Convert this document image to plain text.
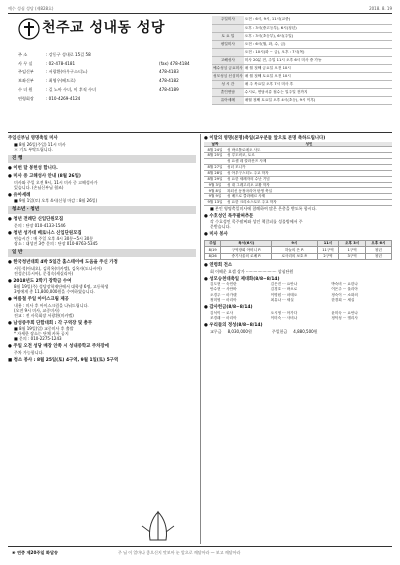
예수 성심 성당 (제828호)	2018. 8. 19
천주교 성내동 성당
주 소	: 강동구 성내로 15길 58
사 무 실	: 02-478-4181	(fax) 478-4184
주임신부	: 서광환(아우구스티노)	478-4183
보좌신부	: 최영우(베드로)	478-4182
수 녀 원	: 길 노아 수녀, 이 후직 수녀	478-4189
연령회장	: 010-4269-4124
주일미사	오전 : 6시, 9시, 11시(교중)
	오후 : 3시(중고등부), 6시(청년)
토 요 일	오후 : 3시(초등부), 6시(주일)
평일미사	오전 : 6시(월, 화, 수, 금)
	오전 : 10시(화 ~ 금), 오후 : 7시(목)
고해성사	미사 20분 전, 주일 11시 오후 6시 미사 중 가능
예수성심 금요미사	매 월 첫째 금요일 오전 10시
성모성심 신심미사	매 월 첫째 토요일 오전 10시
성 시 간	매 주 목요일 오후 7시 미사 후
혼인면담	수시로, 면담서류 접수는 일주일 전까지
유아세례	매월 첫째 토요일 오후 4시(초등), 9시 이후)
주임신부님 영명축일 미사
■ 8월 26일(주일) 11시 미사
＊ 기도 부탁드립니다.
진 행
● 이번 달 봉헌성 합니다.
● 미사 중 고해성사 안내 (8월 26일)
미사와 주일 오전 9시, 11시 미사 중 고해성사가
있습니다. (손님신부님 협조)
● 유아세례
■ 9월 1일(토) 오후 4시(신청 마감 : 8월 26일)
청소년 · 청년
● 청년 전례단 신입단원모집
문의 : 단장 010-4133-1546
● 청년 성가대 베로니스 신입단원모집
연습시간 : 매 주일 오후 4시 30분~5시 30분
장소 : 대성전 3층 문의 : 단장 010-8763-5345
일 반
● 한국청년대회 4박 5일간 홈스테이에 도움을 주신 가정
서동석(아네오), 김희옥(미카엘), 김옥자(도나시아)
전성순(루시아), 문경숙(세실리아)
● 2018년도 2학기 장학금 수여
8월 19일(주) 성당장학재단에서 대학생 6명, 고등학생
3명에게 총 11,800,000원을 수여하였습니다.
● 여름철 주일 아이스크림 제공
내용 : 미사 후 아이스크림을 나눠드립니다.
(오전 9시 미사, 교중미사)
전교 : 전 사목회장 서광환(미카엘)
● 남성중주회 단합대회 : 각 구역장 및 총무
■ 8월 19일(일) 교중미사 후 출발
* 자세한 장소는 단체 카톡 공지
■ 문의 : 010-2275-1243
● 주일 오전 성당 매장 안쪽 시 성내중학교 주차장에
주차 가능합니다.
■ 청소 봉사 : 8월 25일(토) 4구역, 9월 1일(토) 5구역
● 이달의 영명(본명)축일(교우분들 앞으로 본명 축하드립니다)
날짜	성인
8월 24일	성 바르톨로메오 사도
8월 25일	성 루도비코, 토르
	성 요셉 데 칼라산즈 사제
8월 27일	성녀 모니카
8월 28일	성 아우구스티노 주교 학자
8월 29일	성 요한 세례자의 수난 기념
9월 3일	성 대 그레고리오 교황 학자
9월 8일	복되신 동정마리아 탄생 축일
9월 9일	성 베드로 클라베르 사제
9월 13일	성 요한 크리소스토모 주교 학자
■ 본인 영명축일미사에 참례하여 많은 은총을 받도록 합시다.
● 수호성인 목주팔찌추문
각 수호성인 목주팔찌와 성인 책갈피를 성물방에서 주
문받습니다.
● 미사 봉사
주일	독서(6시)	9시	11시	오후 3시	오후 6시
8/19	구역장회 아비니 P.	하늘의 은 P.	11구역	1구역	청년
8/26	중기사울의 로베 P.	로사리의 보호 P.	2구역	3구역	청년
● 연령회 전소
회 이해운 요셉 상가 ························ 상심단원
● 성모승천대축일 제대화(8/8~8/14)
김도현 ··· 숙민란	김은진 ··· 요안나	박숙비 ··· 요한나
안수현 ··· 사안바	김경호 ··· 바오로	이은주 ··· 율리아
오경주 ··· 마가렛	이명원 ··· 마태오	정숙이 ··· 소화의
정미영 ··· 마리아	최유나 ··· 세실	한경희 ··· 세실
● 감사헌금(8/8~8/14)
김석이 ··· 로사	오시영 ··· 아가다	윤미숙 ··· 요안나
조경래 ··· 마리아	이미숙 ··· 사비나	정덕성 ··· 엘리사
● 우리들의 정성(8/8~8/14)
교무금 8,030,000원	주일헌금 4,880,500원
❀ 연중 제20주일 화답송	주 님 이 얼마나 좋으신지 맛보아 눈 앞으로 깨달아라 — 보고 깨달아라
